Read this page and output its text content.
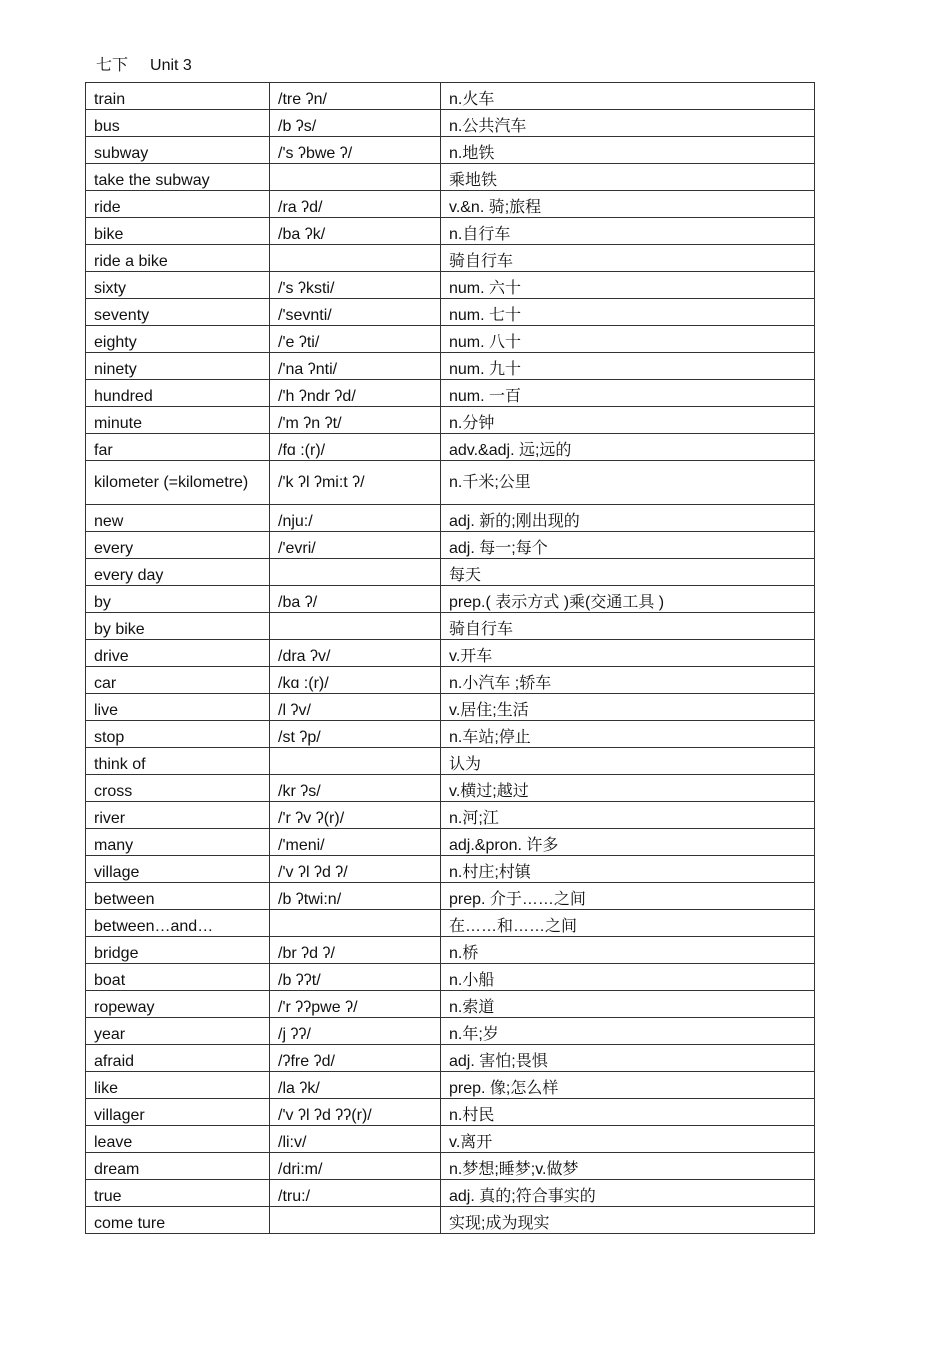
七下 Unit 3
train	/tre ʔn/	n.火车
bus	/b ʔs/	n.公共汽车
subway	/'s ʔbwe ʔ/	n.地铁
take the subway		乘地铁
ride	/ra ʔd/	v.&n. 骑;旅程
bike	/ba ʔk/	n.自行车
ride a bike		骑自行车
sixty	/'s ʔksti/	num. 六十
seventy	/'sevnti/	num. 七十
eighty	/'e ʔti/	num. 八十
ninety	/'na ʔnti/	num. 九十
hundred	/'h ʔndr ʔd/	num. 一百
minute	/'m ʔn ʔt/	n.分钟
far	/fɑ :(r)/	adv.&adj. 远;远的
kilometer (=kilometre)	/'k ʔl ʔmi:t ʔ/	n.千米;公里
new	/nju:/	adj. 新的;刚出现的
every	/'evri/	adj. 每一;每个
every day		每天
by	/ba ʔ/	prep.( 表示方式 )乘(交通工具 )
by bike		骑自行车
drive	/dra ʔv/	v.开车
car	/kɑ :(r)/	n.小汽车 ;轿车
live	/l ʔv/	v.居住;生活
stop	/st ʔp/	n.车站;停止
think of		认为
cross	/kr ʔs/	v.横过;越过
river	/'r ʔv ʔ(r)/	n.河;江
many	/'meni/	adj.&pron. 许多
village	/'v ʔl ʔd ʔ/	n.村庄;村镇
between	/b ʔtwi:n/	prep. 介于……之间
between…and…		在……和……之间
bridge	/br ʔd ʔ/	n.桥
boat	/b ʔʔt/	n.小船
ropeway	/'r ʔʔpwe ʔ/	n.索道
year	/j ʔʔ/	n.年;岁
afraid	/ʔfre ʔd/	adj. 害怕;畏惧
like	/la ʔk/	prep. 像;怎么样
villager	/'v ʔl ʔd ʔʔ(r)/	n.村民
leave	/li:v/	v.离开
dream	/dri:m/	n.梦想;睡梦;v.做梦
true	/tru:/	adj. 真的;符合事实的
come ture		实现;成为现实
